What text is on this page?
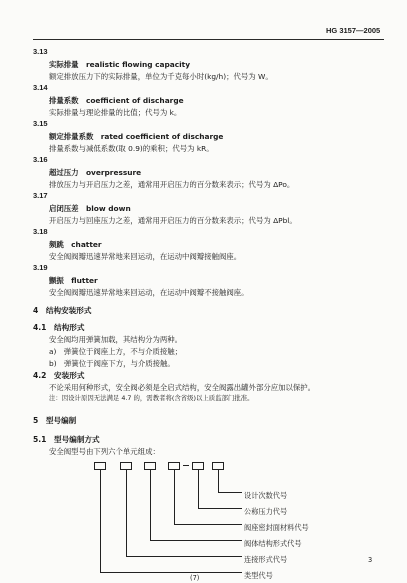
HG 3157—2005
3.13
实际排量　realistic flowing capacity
额定排放压力下的实际排量，单位为千克每小时(kg/h)；代号为 W。
3.14
排量系数　coefficient of discharge
实际排量与理论排量的比值；代号为 k。
3.15
额定排量系数　rated coefficient of discharge
排量系数与减低系数(取 0.9)的乘积；代号为 kR。
3.16
超过压力　overpressure
排放压力与开启压力之差，通常用开启压力的百分数来表示；代号为 ΔPo。
3.17
启闭压差　blow down
开启压力与回座压力之差，通常用开启压力的百分数来表示；代号为 ΔPbl。
3.18
频跳　chatter
安全阀阀瓣迅速异常地来回运动，在运动中阀瓣接触阀座。
3.19
颤振　flutter
安全阀阀瓣迅速异常地来回运动，在运动中阀瓣不接触阀座。
4　结构安装形式
4.1　结构形式
安全阀均用弹簧加载，其结构分为两种。
a)　弹簧位于阀座上方，不与介质接触；
b)　弹簧位于阀座下方，与介质接触。
4.2　安装形式
不论采用何种形式，安全阀必须是全启式结构，安全阀露出罐外部分应加以保护。
注：因设计原因无法满足 4.7 的，需教者将(含省级)以上质监部门批准。
5　型号编制
5.1　型号编制方式
安全阀型号由下列六个单元组成：
设计次数代号
公称压力代号
阀座密封面材料代号
阀体结构形式代号
连接形式代号
类型代号
(7)
3
